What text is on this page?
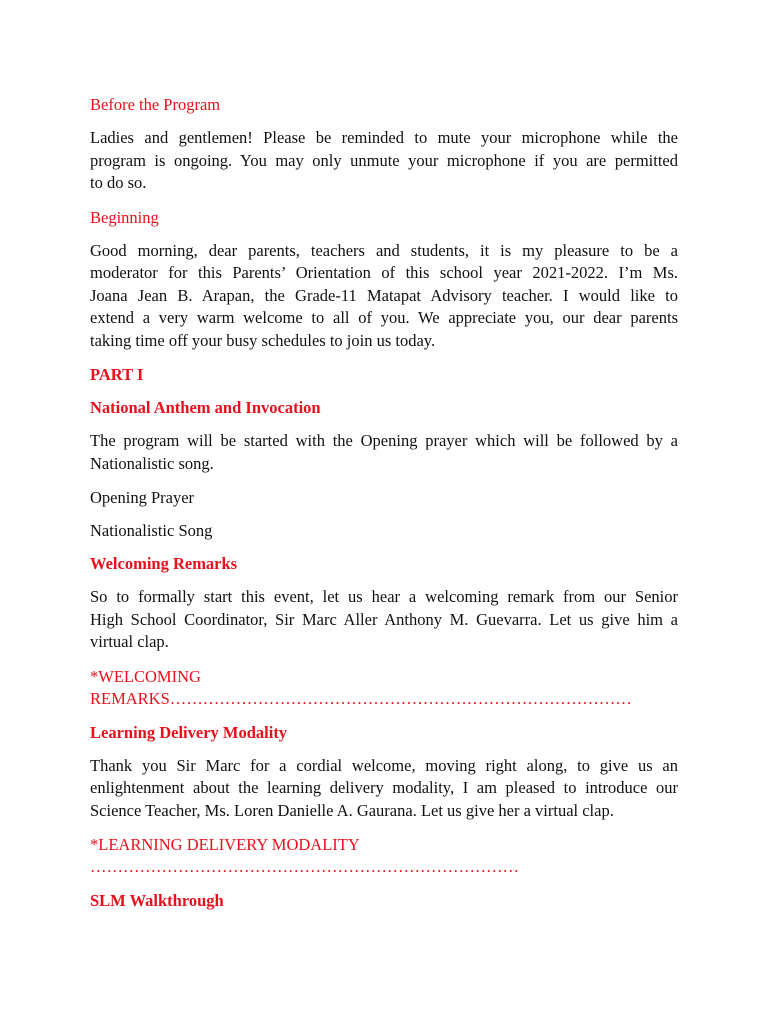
Before the Program
Ladies and gentlemen! Please be reminded to mute your microphone while the
program is ongoing. You may only unmute your microphone if you are permitted
to do so.
Beginning
Good morning, dear parents, teachers and students, it is my pleasure to be a
moderator for this Parents’ Orientation of this school year 2021-2022. I’m Ms.
Joana Jean B. Arapan, the Grade-11 Matapat Advisory teacher. I would like to
extend a very warm welcome to all of you. We appreciate you, our dear parents
taking time off your busy schedules to join us today.
PART I
National Anthem and Invocation
The program will be started with the Opening prayer which will be followed by a
Nationalistic song.
Opening Prayer
Nationalistic Song
Welcoming Remarks
So to formally start this event, let us hear a welcoming remark from our Senior
High School Coordinator, Sir Marc Aller Anthony M. Guevarra. Let us give him a
virtual clap.
*WELCOMING
REMARKS…………………………………………………………………………
Learning Delivery Modality
Thank you Sir Marc for a cordial welcome, moving right along, to give us an
enlightenment about the learning delivery modality, I am pleased to introduce our
Science Teacher, Ms. Loren Danielle A. Gaurana. Let us give her a virtual clap.
*LEARNING DELIVERY MODALITY
……………………………………………………………………
SLM Walkthrough
